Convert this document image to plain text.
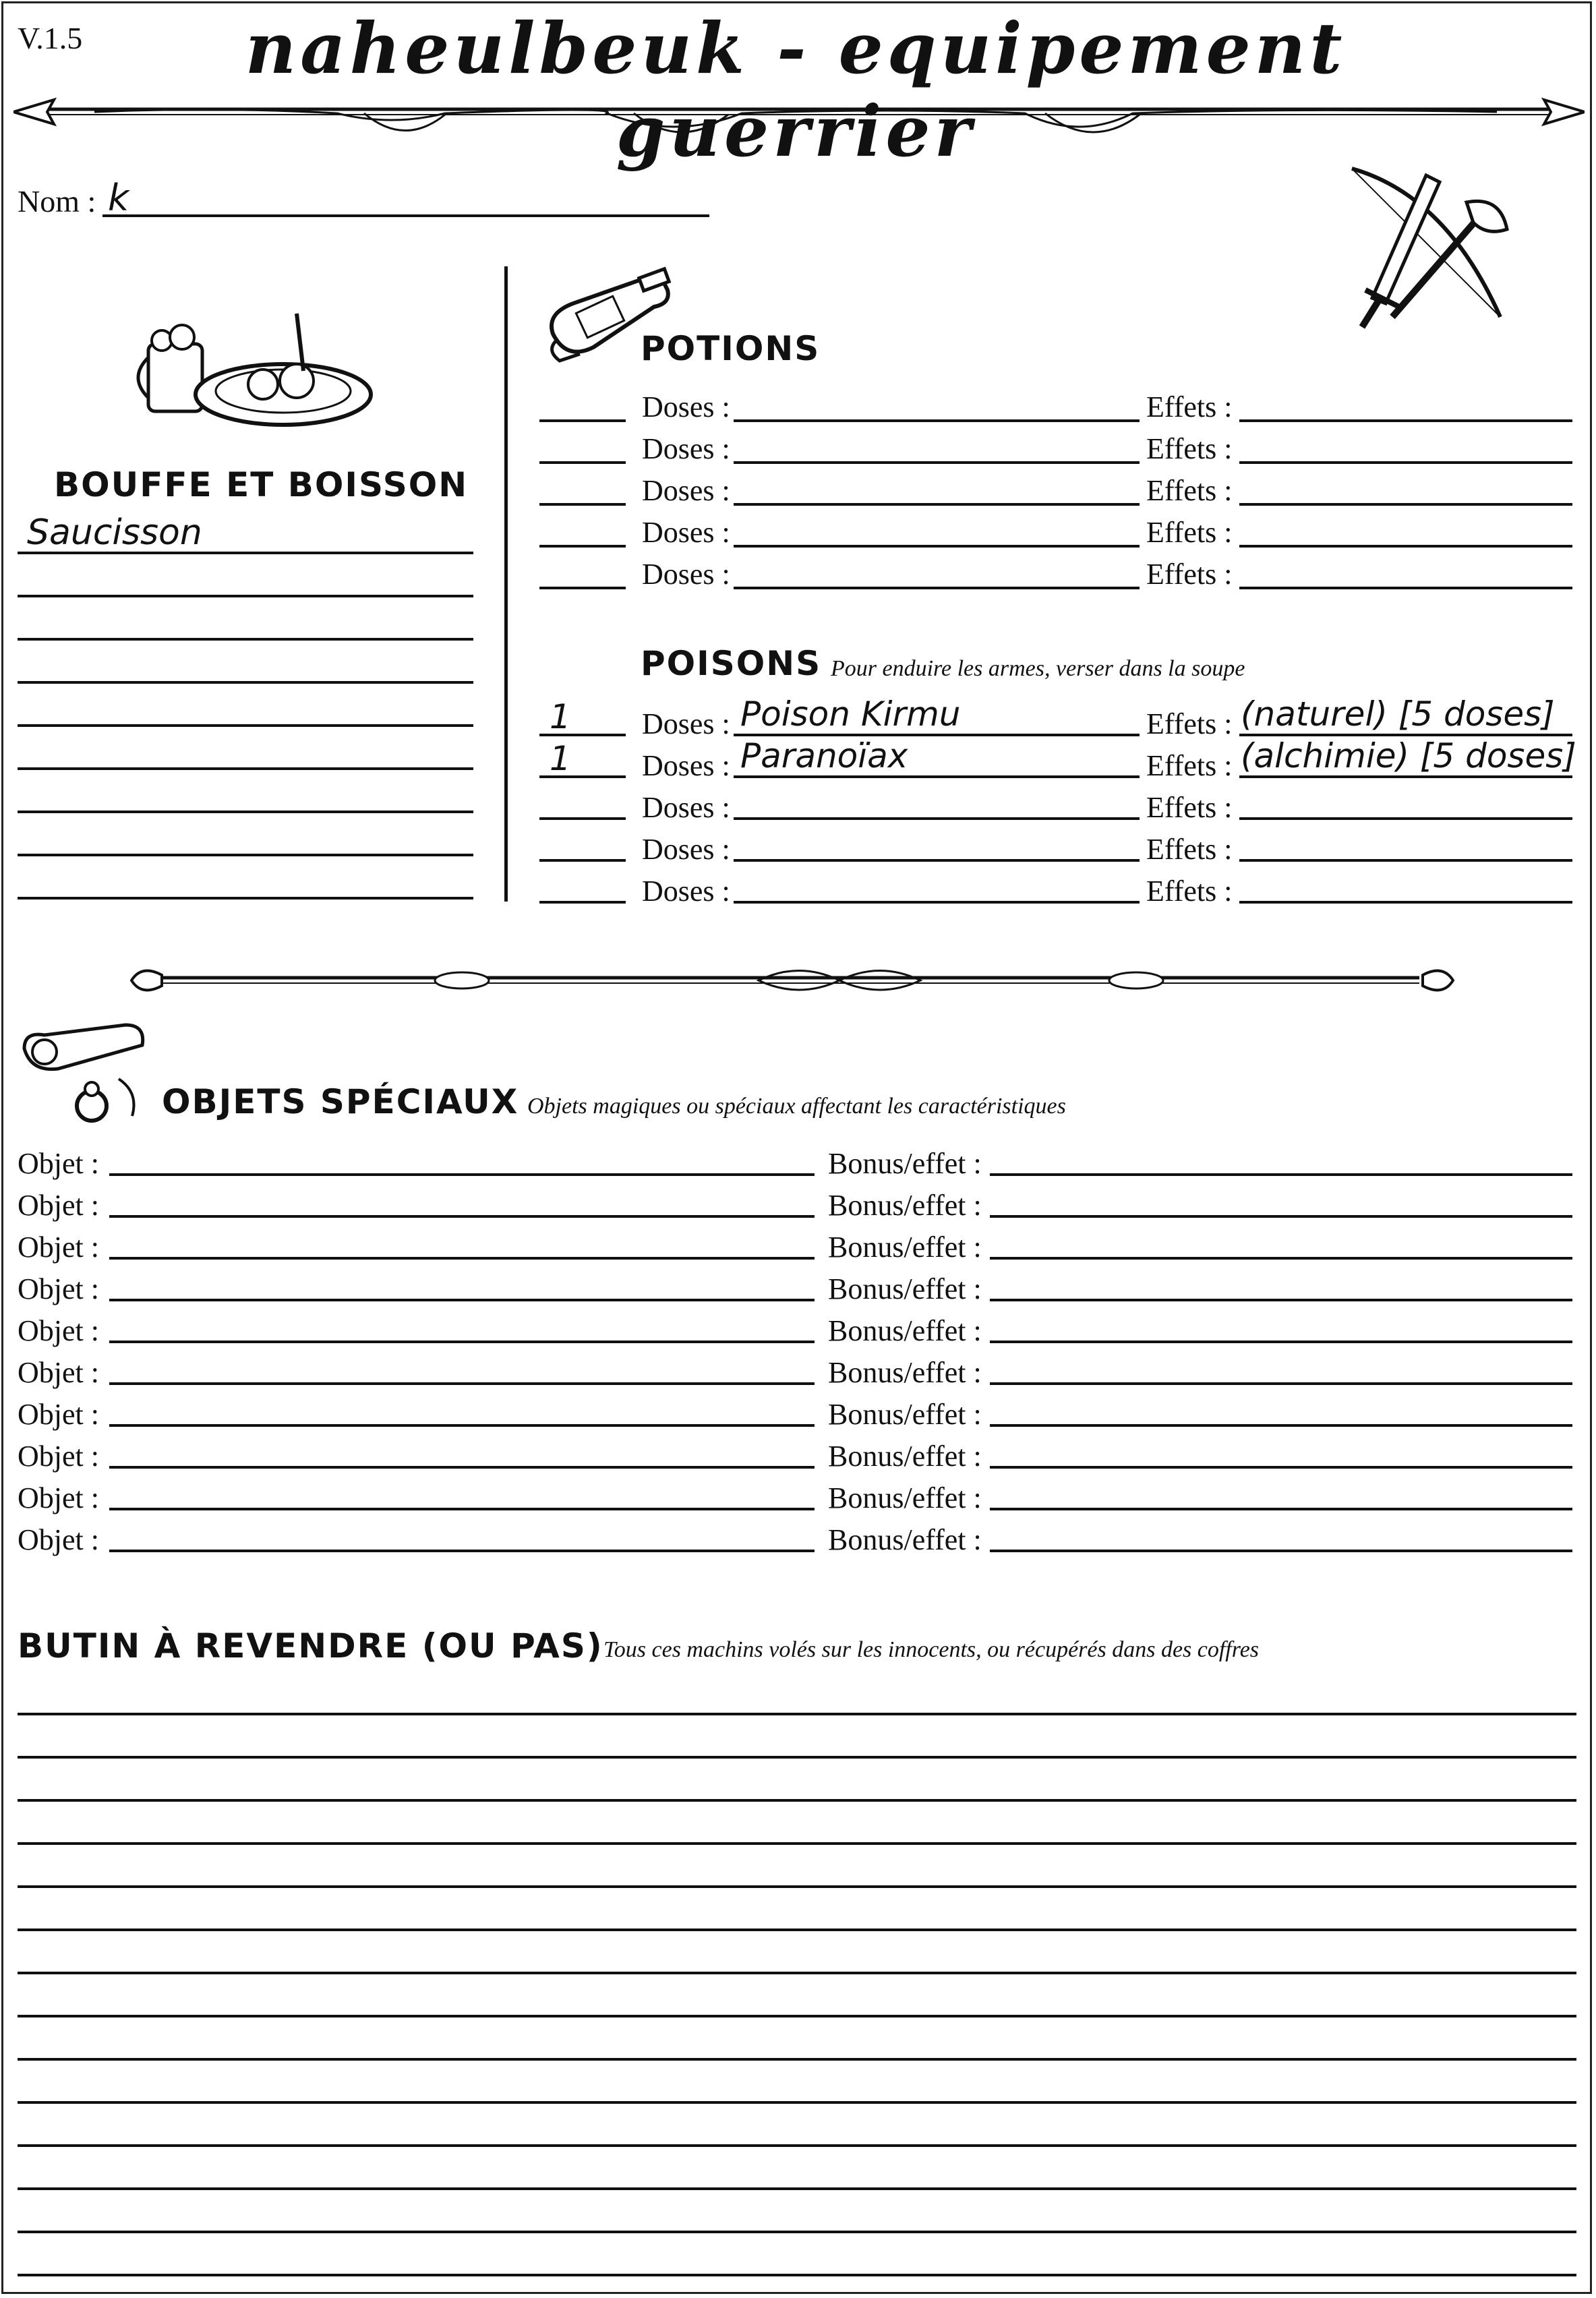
V.1.5	naheulbeuk - equipement guerrier
Nom : k
BOUFFE ET BOISSON
Saucisson
POTIONS
Doses :	Effets :
Doses :	Effets :
Doses :	Effets :
Doses :	Effets :
Doses :	Effets :
POISONS Pour enduire les armes, verser dans la soupe
1 Doses : Poison Kirmu	Effets : (naturel) [5 doses]
1 Doses : Paranoïax	Effets : (alchimie) [5 doses]
Doses :	Effets :
Doses :	Effets :
Doses :	Effets :
OBJETS SPÉCIAUX Objets magiques ou spéciaux affectant les caractéristiques
Objet :	Bonus/effet :
Objet :	Bonus/effet :
Objet :	Bonus/effet :
Objet :	Bonus/effet :
Objet :	Bonus/effet :
Objet :	Bonus/effet :
Objet :	Bonus/effet :
Objet :	Bonus/effet :
Objet :	Bonus/effet :
Objet :	Bonus/effet :
BUTIN À REVENDRE (OU PAS) Tous ces machins volés sur les innocents, ou récupérés dans des coffres
